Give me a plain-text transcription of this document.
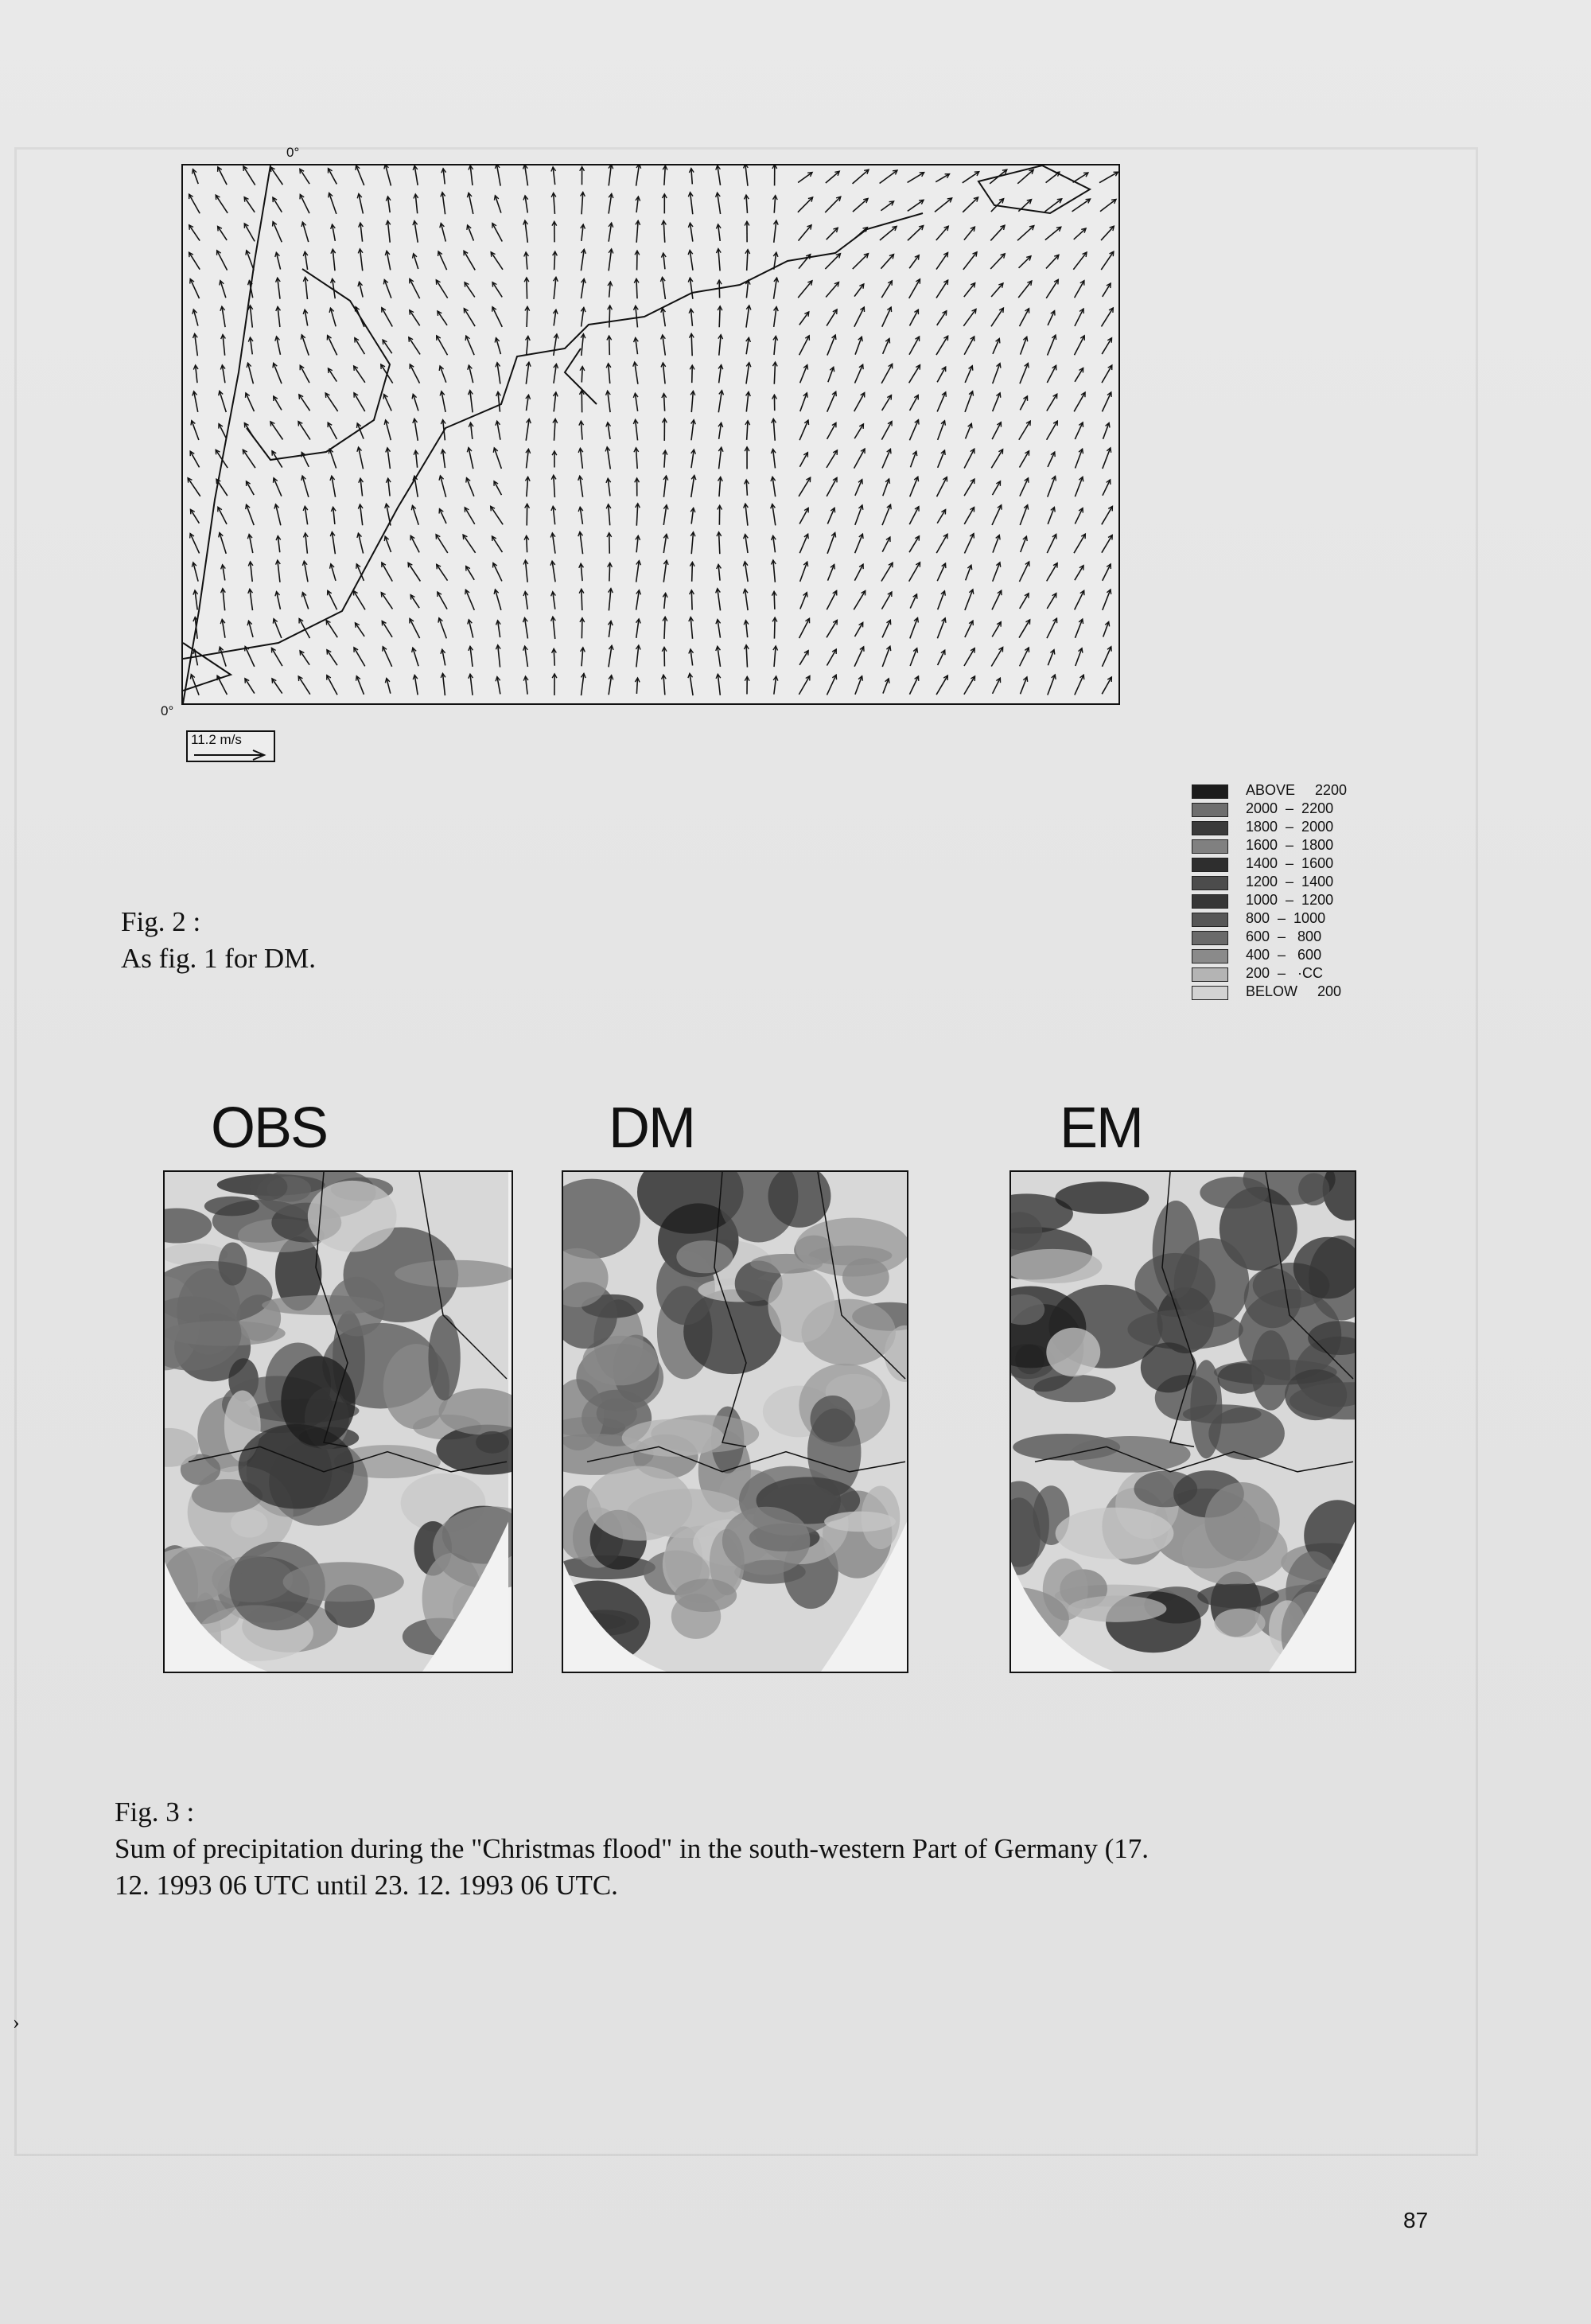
0°
0°
11.2 m/s
Fig. 2 :
As fig. 1 for DM.
ABOVE     2200
2000  –  2200
1800  –  2000
1600  –  1800
1400  –  1600
1200  –  1400
1000  –  1200
800  –  1000
600  –   800
400  –   600
200  –   ·CC
BELOW     200
OBS	DM	EM
Fig. 3 :
Sum of precipitation during the "Christmas flood" in the south-western Part of Germany (17.
12. 1993 06 UTC until 23. 12. 1993 06 UTC.
›
87
